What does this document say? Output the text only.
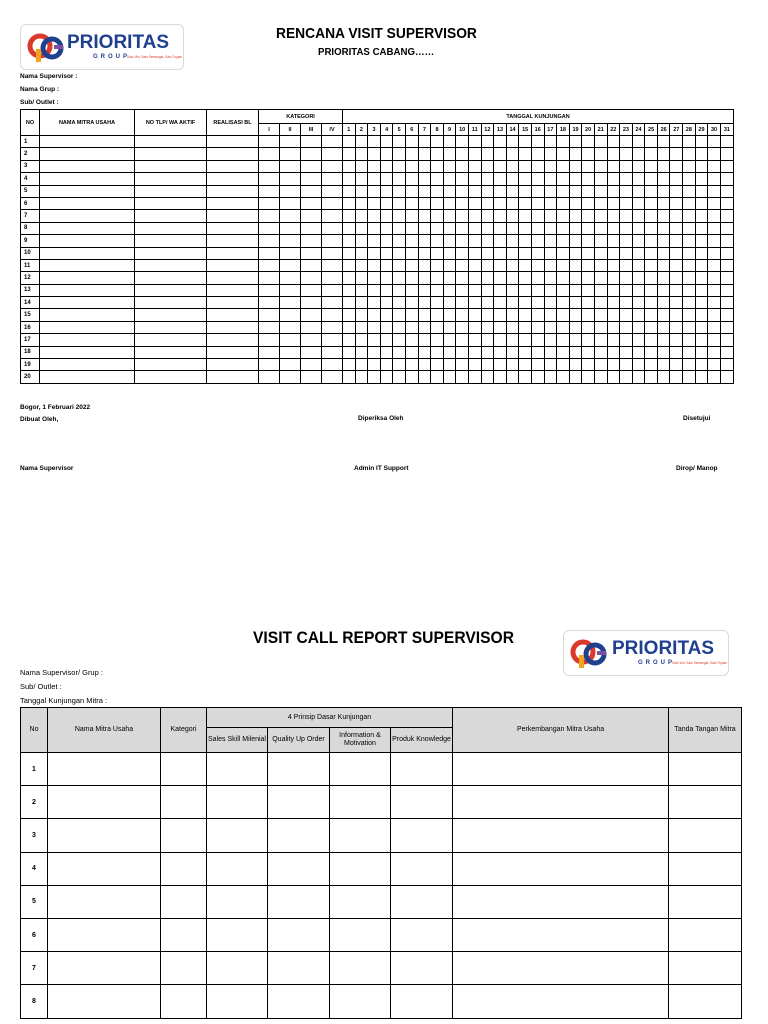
PRIORITAS
GROUP
Satu Visi, Satu Semangat, Satu Tujuan
RENCANA VISIT SUPERVISOR
PRIORITAS CABANG……
Nama Supervisor :
Nama Grup :
Sub/ Outlet :
NO	NAMA MITRA USAHA	NO TLP/ WA AKTIF	REALISASI BL	KATEGORI				TANGGAL KUNJUNGAN																														
				I	II	III	IV	1	2	3	4	5	6	7	8	9	10	11	12	13	14	15	16	17	18	19	20	21	22	23	24	25	26	27	28	29	30	31
1																																						
2																																						
3																																						
4																																						
5																																						
6																																						
7																																						
8																																						
9																																						
10																																						
11																																						
12																																						
13																																						
14																																						
15																																						
16																																						
17																																						
18																																						
19																																						
20																																						
Bogor, 1 Februari 2022
Dibuat Oleh,	Diperiksa Oleh	Disetujui
Nama Supervisor	Admin IT Support	Dirop/ Manop
VISIT CALL REPORT SUPERVISOR
PRIORITAS
GROUP
Satu Visi, Satu Semangat, Satu Tujuan
Nama Supervisor/ Grup :
Sub/ Outlet :
Tanggal Kunjungan Mitra :
No	Nama Mitra Usaha	Kategori	4 Prinsip Dasar Kunjungan				Perkembangan Mitra Usaha	Tanda Tangan Mitra
			Sales Skill Milenial	Quality Up Order	Information & Motivation	Produk Knowledge		
1								
2								
3								
4								
5								
6								
7								
8								
